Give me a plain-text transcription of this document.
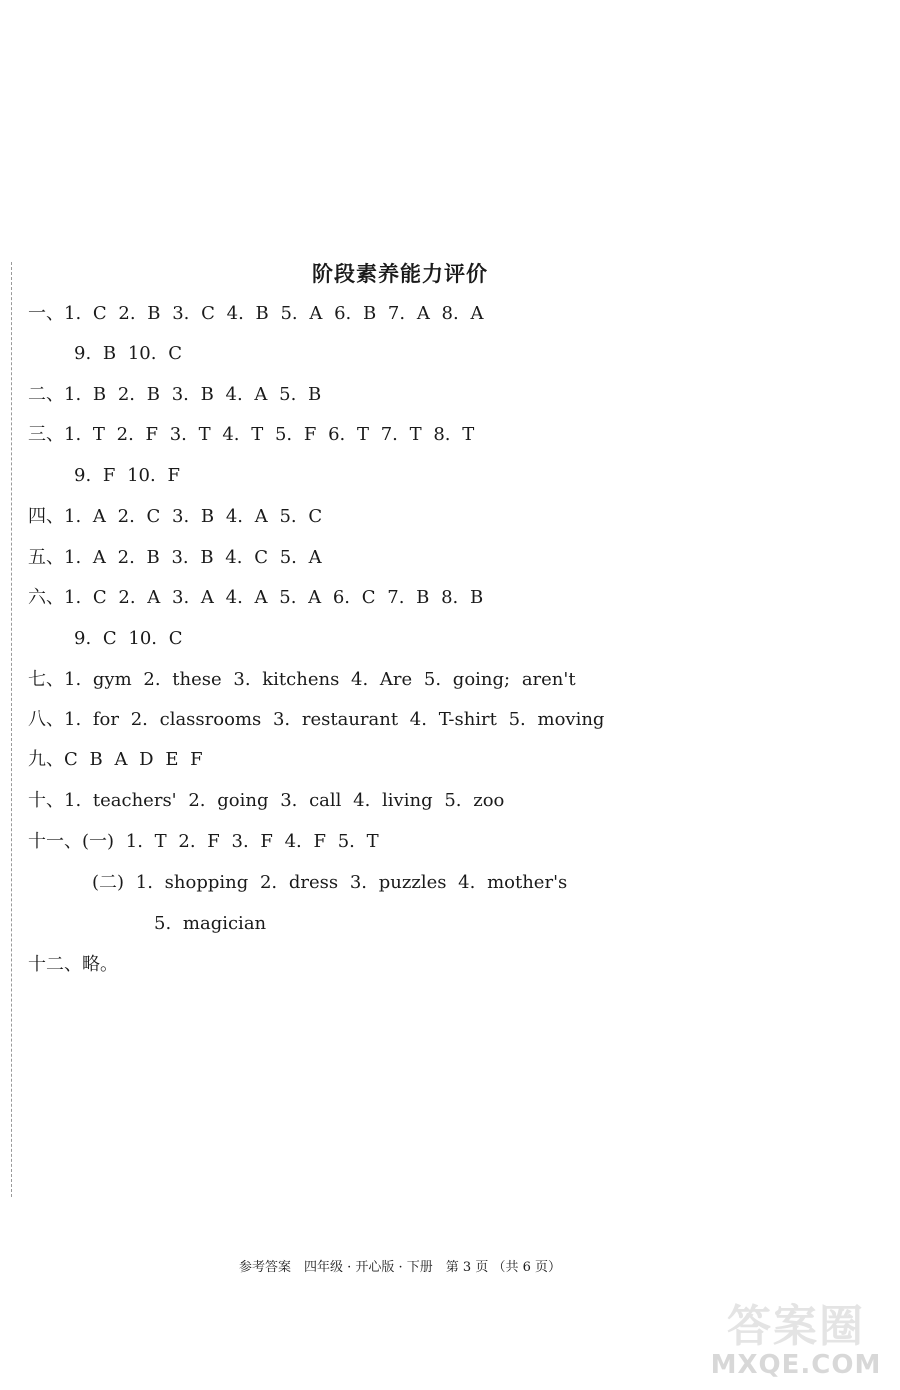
阶段素养能力评价
一、1. C 2. B 3. C 4. B 5. A 6. B 7. A 8. A
9. B 10. C
二、1. B 2. B 3. B 4. A 5. B
三、1. T 2. F 3. T 4. T 5. F 6. T 7. T 8. T
9. F 10. F
四、1. A 2. C 3. B 4. A 5. C
五、1. A 2. B 3. B 4. C 5. A
六、1. C 2. A 3. A 4. A 5. A 6. C 7. B 8. B
9. C 10. C
七、1. gym 2. these 3. kitchens 4. Are 5. going; aren't
八、1. for 2. classrooms 3. restaurant 4. T-shirt 5. moving
九、C B A D E F
十、1. teachers' 2. going 3. call 4. living 5. zoo
十一、(一) 1. T 2. F 3. F 4. F 5. T
(二) 1. shopping 2. dress 3. puzzles 4. mother's
5. magician
十二、略。
参考答案　四年级 · 开心版 · 下册　第 3 页 （共 6 页）
答案圈
MXQE.COM
